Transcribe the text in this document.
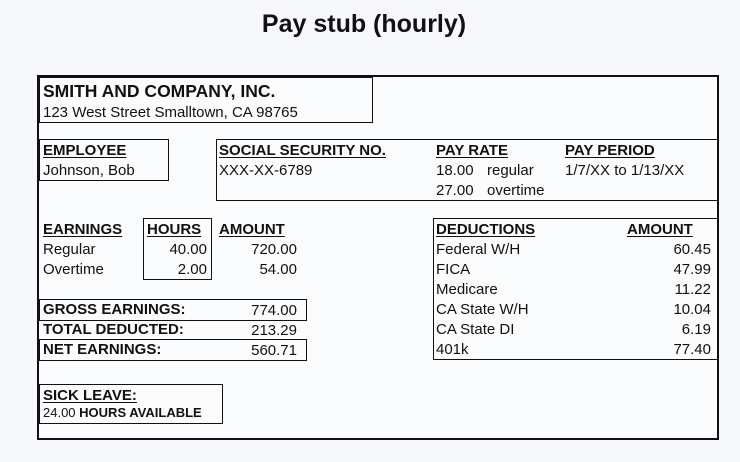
Pay stub (hourly)
SMITH AND COMPANY, INC.
123 West Street Smalltown, CA 98765
EMPLOYEE
Johnson, Bob
SOCIAL SECURITY NO.
XXX-XX-6789
PAY RATE
18.00 regular
27.00 overtime
PAY PERIOD
1/7/XX to 1/13/XX
EARNINGS HOURS AMOUNT
Regular	40.00	720.00
Overtime	2.00	54.00
GROSS EARNINGS:	774.00
TOTAL DEDUCTED:	213.29
NET EARNINGS:	560.71
DEDUCTIONS	AMOUNT
Federal W/H	60.45
FICA	47.99
Medicare	11.22
CA State W/H	10.04
CA State DI	6.19
401k	77.40
SICK LEAVE:
24.00 HOURS AVAILABLE
